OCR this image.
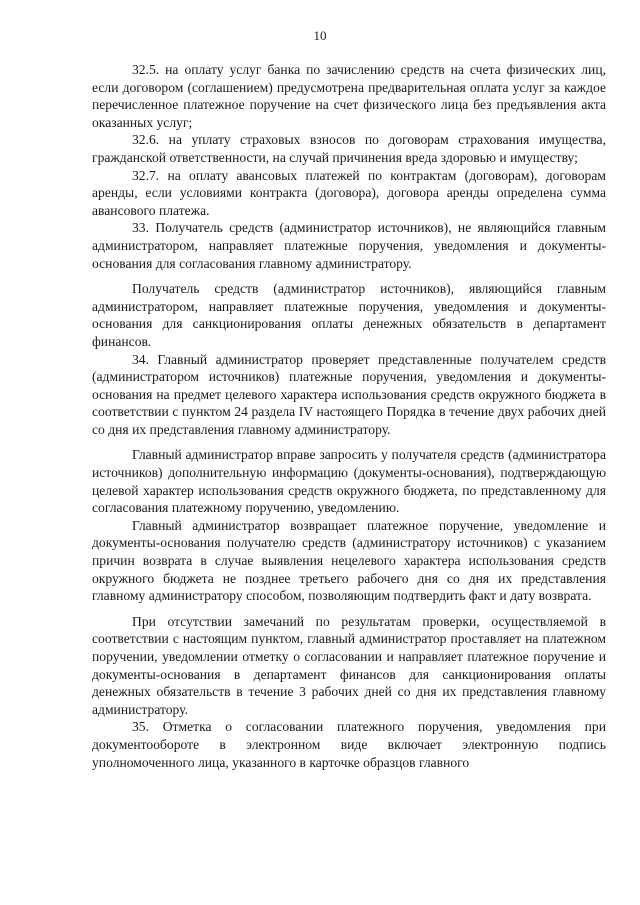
10

32.5. на оплату услуг банка по зачислению средств на счета физических лиц, если договором (соглашением) предусмотрена предварительная оплата услуг за каждое перечисленное платежное поручение на счет физического лица без предъявления акта оказанных услуг;

32.6. на уплату страховых взносов по договорам страхования имущества, гражданской ответственности, на случай причинения вреда здоровью и имуществу;

32.7. на оплату авансовых платежей по контрактам (договорам), договорам аренды, если условиями контракта (договора), договора аренды определена сумма авансового платежа.

33. Получатель средств (администратор источников), не являющийся главным администратором, направляет платежные поручения, уведомления и документы-основания для согласования главному администратору.

Получатель средств (администратор источников), являющийся главным администратором, направляет платежные поручения, уведомления и документы-основания для санкционирования оплаты денежных обязательств в департамент финансов.

34. Главный администратор проверяет представленные получателем средств (администратором источников) платежные поручения, уведомления и документы-основания на предмет целевого характера использования средств окружного бюджета в соответствии с пунктом 24 раздела IV настоящего Порядка в течение двух рабочих дней со дня их представления главному администратору.

Главный администратор вправе запросить у получателя средств (администратора источников) дополнительную информацию (документы-основания), подтверждающую целевой характер использования средств окружного бюджета, по представленному для согласования платежному поручению, уведомлению.

Главный администратор возвращает платежное поручение, уведомление и документы-основания получателю средств (администратору источников) с указанием причин возврата в случае выявления нецелевого характера использования средств окружного бюджета не позднее третьего рабочего дня со дня их представления главному администратору способом, позволяющим подтвердить факт и дату возврата.

При отсутствии замечаний по результатам проверки, осуществляемой в соответствии с настоящим пунктом, главный администратор проставляет на платежном поручении, уведомлении отметку о согласовании и направляет платежное поручение и документы-основания в департамент финансов для санкционирования оплаты денежных обязательств в течение 3 рабочих дней со дня их представления главному администратору.

35. Отметка о согласовании платежного поручения, уведомления при документообороте в электронном виде включает электронную подпись уполномоченного лица, указанного в карточке образцов главного
